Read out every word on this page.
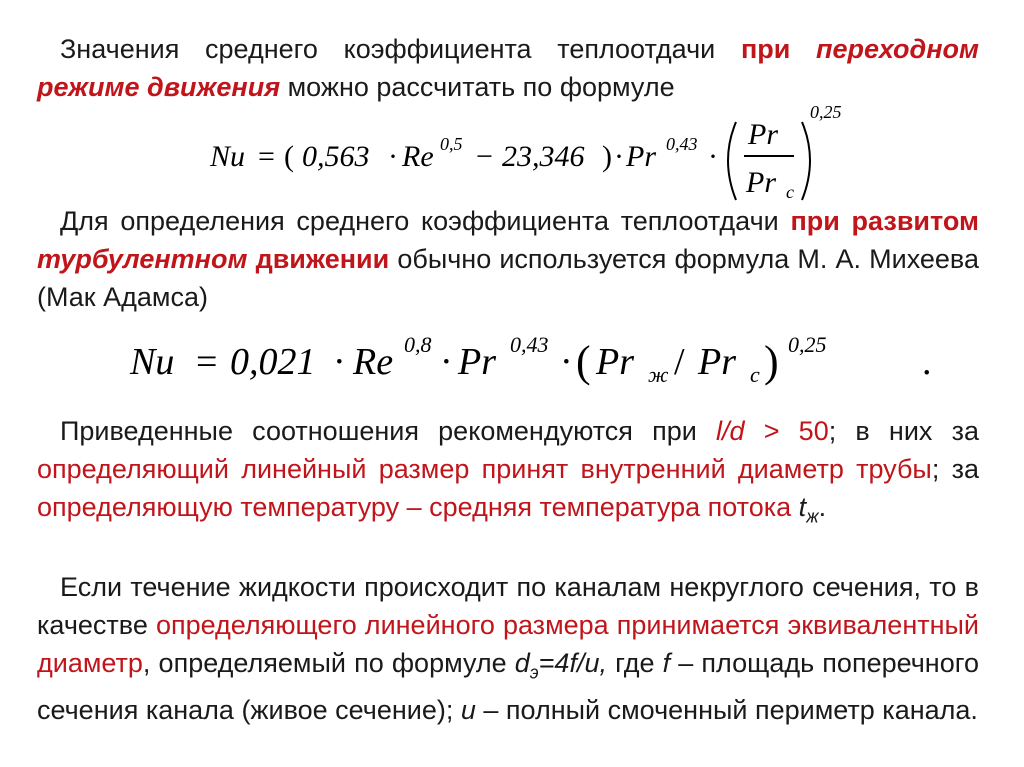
Значения среднего коэффициента теплоотдачи при переходном режиме движения можно рассчитать по формуле

Nu = ( 0,563 · Re 0,5 − 23,346 ) · Pr 0,43 ·
Pr
Pr c
0,25

Для определения среднего коэффициента теплоотдачи при развитом турбулентном движении обычно используется формула М. А. Михеева (Мак Адамса)

Nu = 0,021 · Re 0,8 · Pr 0,43 · ( Pr ж / Pr c ) 0,25	.

Приведенные соотношения рекомендуются при l/d > 50; в них за определяющий линейный размер принят внутренний диаметр трубы; за определяющую температуру – средняя температура потока $t_ж$.

Если течение жидкости происходит по каналам некруглого сечения, то в качестве определяющего линейного размера принимается эквивалентный диаметр, определяемый по формуле $d_э=4f/u$, где f – площадь поперечного сечения канала (живое сечение); u – полный смоченный периметр канала.
